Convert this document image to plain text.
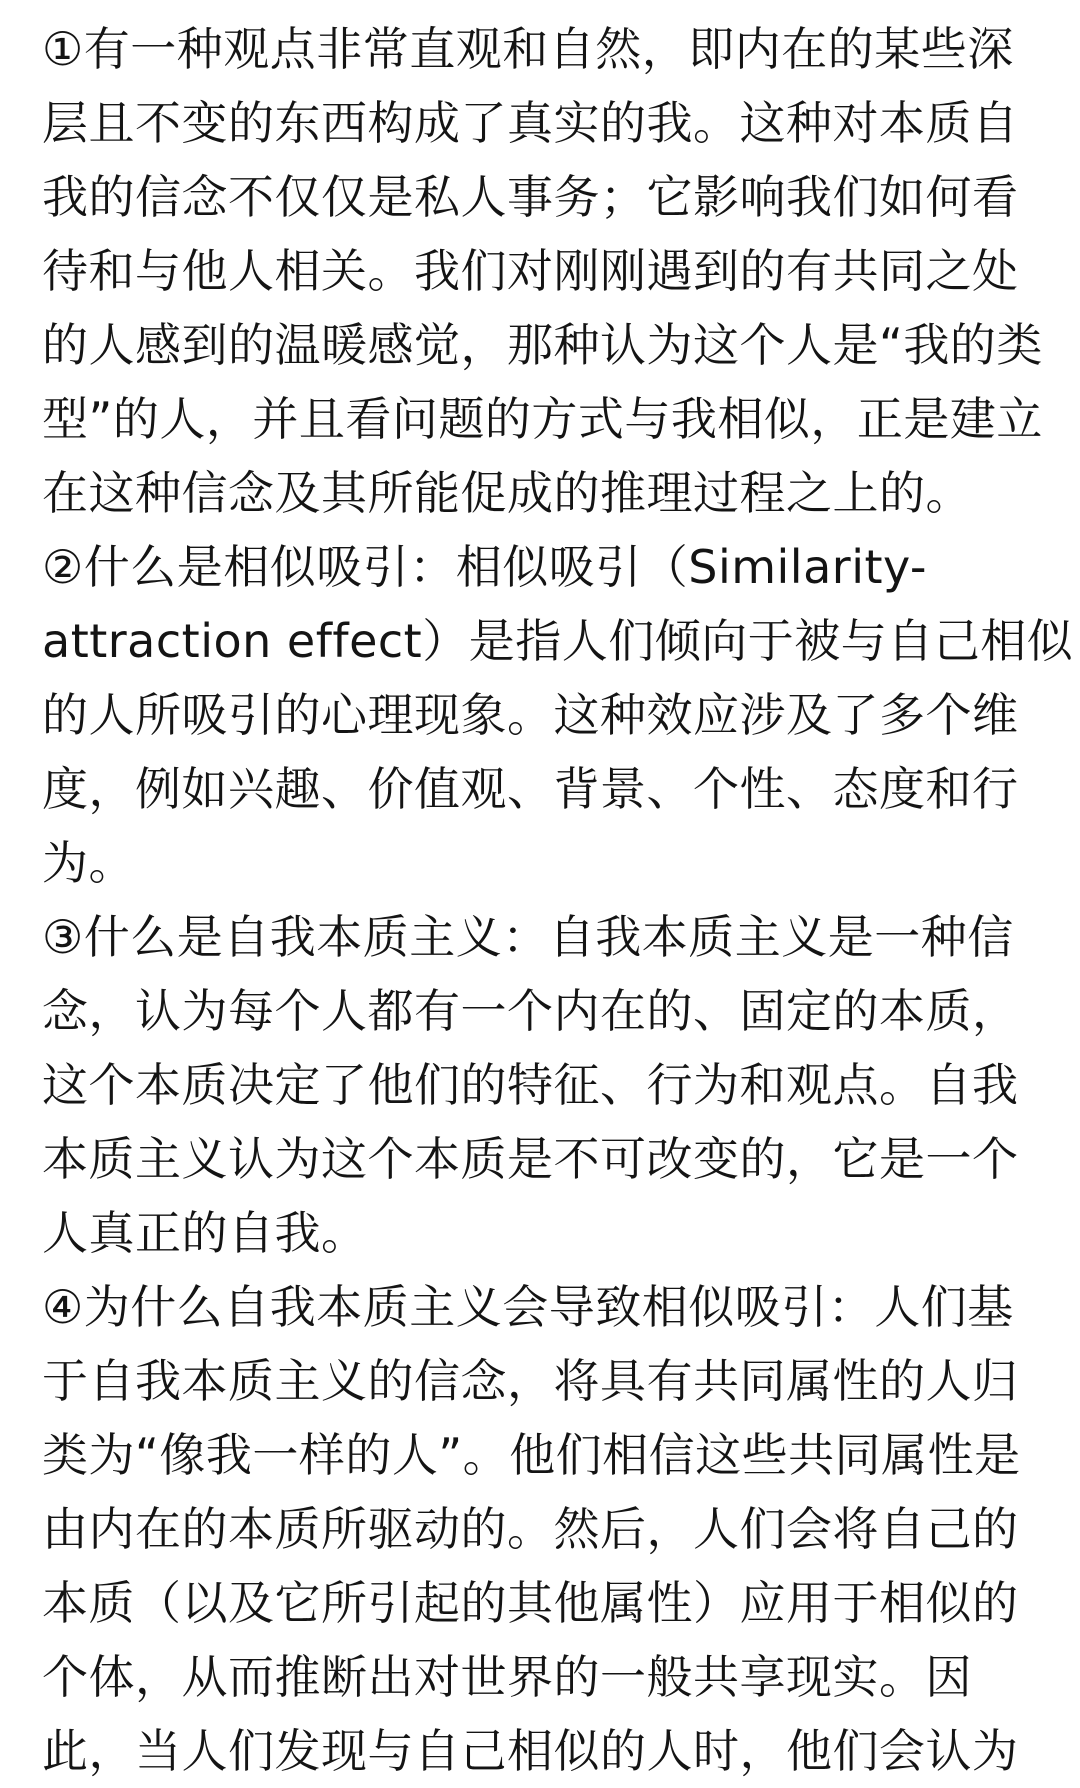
①有一种观点非常直观和自然，即内在的某些深
层且不变的东西构成了真实的我。这种对本质自
我的信念不仅仅是私人事务；它影响我们如何看
待和与他人相关。我们对刚刚遇到的有共同之处
的人感到的温暖感觉，那种认为这个人是“我的类
型”的人，并且看问题的方式与我相似，正是建立
在这种信念及其所能促成的推理过程之上的。
②什么是相似吸引：相似吸引（Similarity-
attraction effect）是指人们倾向于被与自己相似
的人所吸引的心理现象。这种效应涉及了多个维
度，例如兴趣、价值观、背景、个性、态度和行
为。
③什么是自我本质主义：自我本质主义是一种信
念，认为每个人都有一个内在的、固定的本质，
这个本质决定了他们的特征、行为和观点。自我
本质主义认为这个本质是不可改变的，它是一个
人真正的自我。
④为什么自我本质主义会导致相似吸引：人们基
于自我本质主义的信念，将具有共同属性的人归
类为“像我一样的人”。他们相信这些共同属性是
由内在的本质所驱动的。然后，人们会将自己的
本质（以及它所引起的其他属性）应用于相似的
个体，从而推断出对世界的一般共享现实。因
此，当人们发现与自己相似的人时，他们会认为
